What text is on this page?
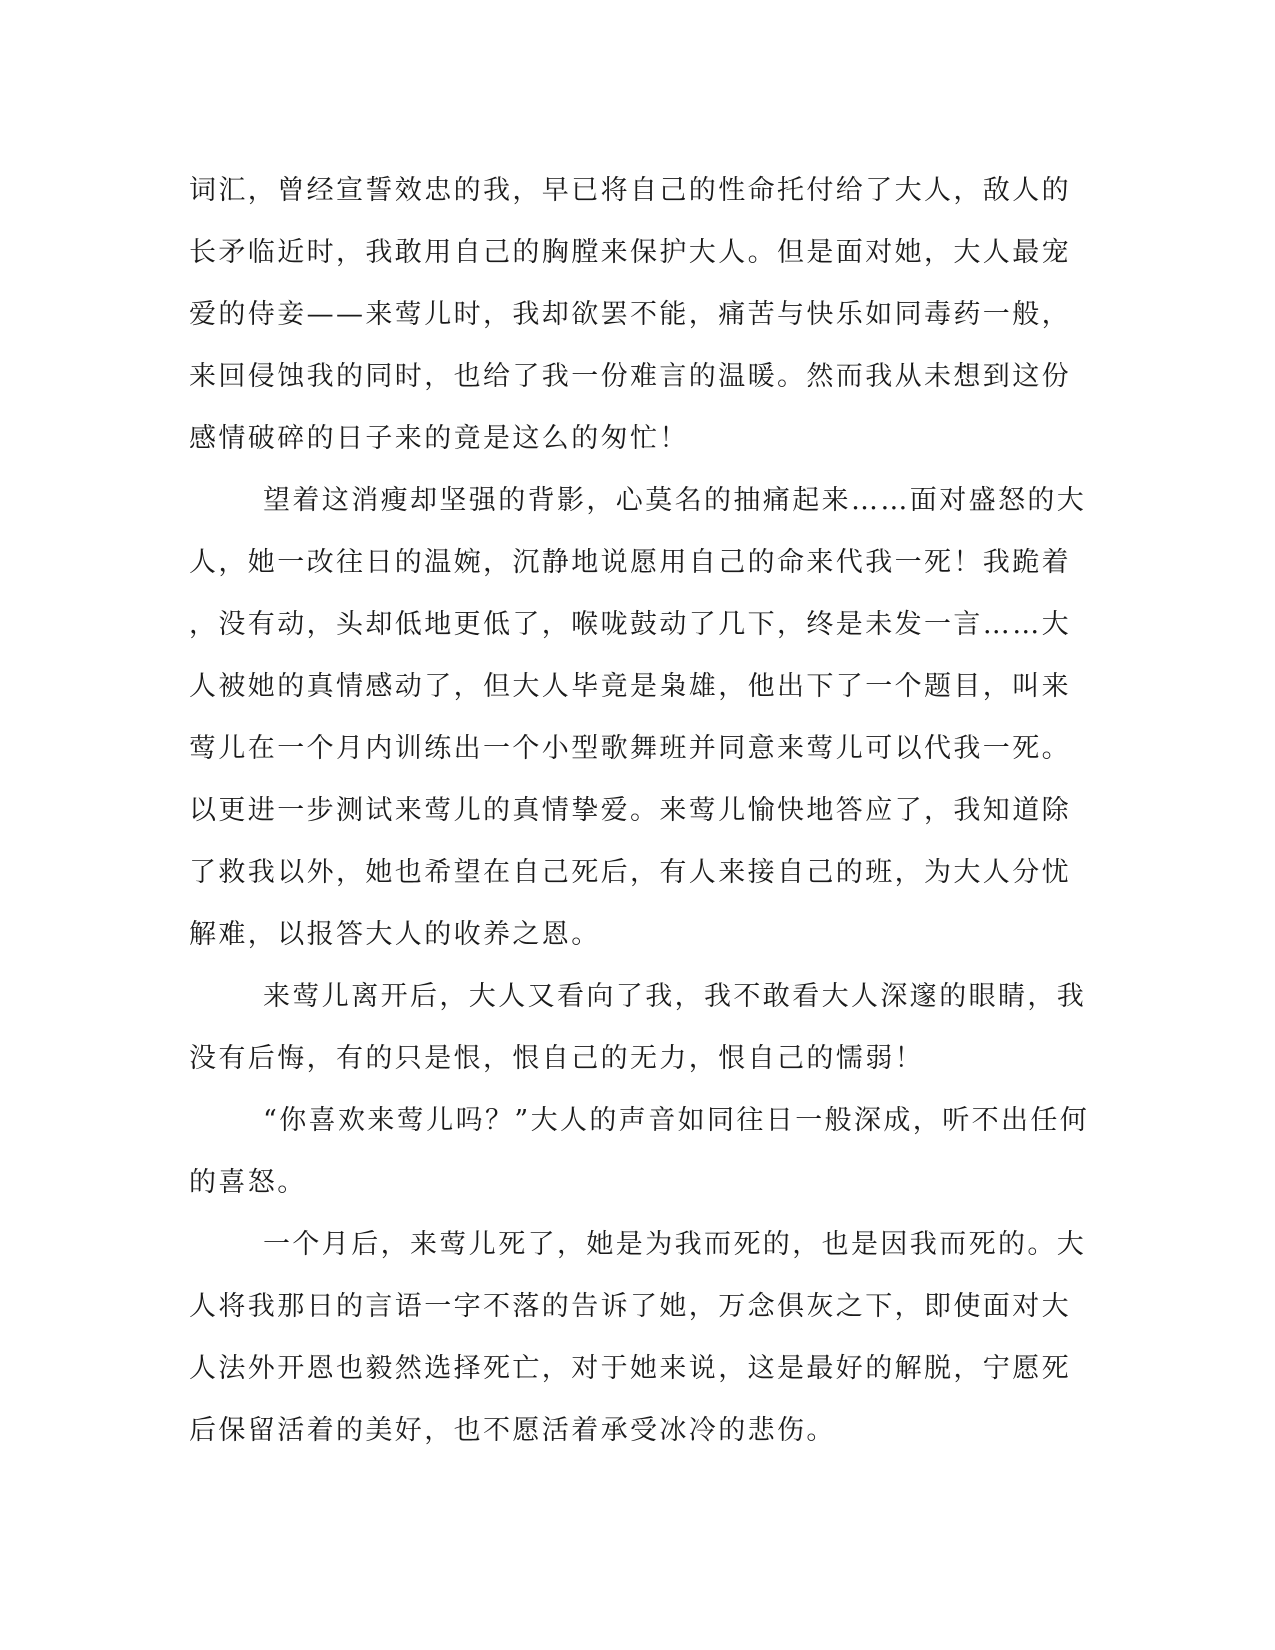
词汇，曾经宣誓效忠的我，早已将自己的性命托付给了大人，敌人的
长矛临近时，我敢用自己的胸膛来保护大人。但是面对她，大人最宠
爱的侍妾——来莺儿时，我却欲罢不能，痛苦与快乐如同毒药一般，
来回侵蚀我的同时，也给了我一份难言的温暖。然而我从未想到这份
感情破碎的日子来的竟是这么的匆忙！
望着这消瘦却坚强的背影，心莫名的抽痛起来……面对盛怒的大
人，她一改往日的温婉，沉静地说愿用自己的命来代我一死！我跪着
，没有动，头却低地更低了，喉咙鼓动了几下，终是未发一言……大
人被她的真情感动了，但大人毕竟是枭雄，他出下了一个题目，叫来
莺儿在一个月内训练出一个小型歌舞班并同意来莺儿可以代我一死。
以更进一步测试来莺儿的真情挚爱。来莺儿愉快地答应了，我知道除
了救我以外，她也希望在自己死后，有人来接自己的班，为大人分忧
解难，以报答大人的收养之恩。
来莺儿离开后，大人又看向了我，我不敢看大人深邃的眼睛，我
没有后悔，有的只是恨，恨自己的无力，恨自己的懦弱！
“你喜欢来莺儿吗？”大人的声音如同往日一般深成，听不出任何
的喜怒。
一个月后，来莺儿死了，她是为我而死的，也是因我而死的。大
人将我那日的言语一字不落的告诉了她，万念俱灰之下，即使面对大
人法外开恩也毅然选择死亡，对于她来说，这是最好的解脱，宁愿死
后保留活着的美好，也不愿活着承受冰冷的悲伤。
